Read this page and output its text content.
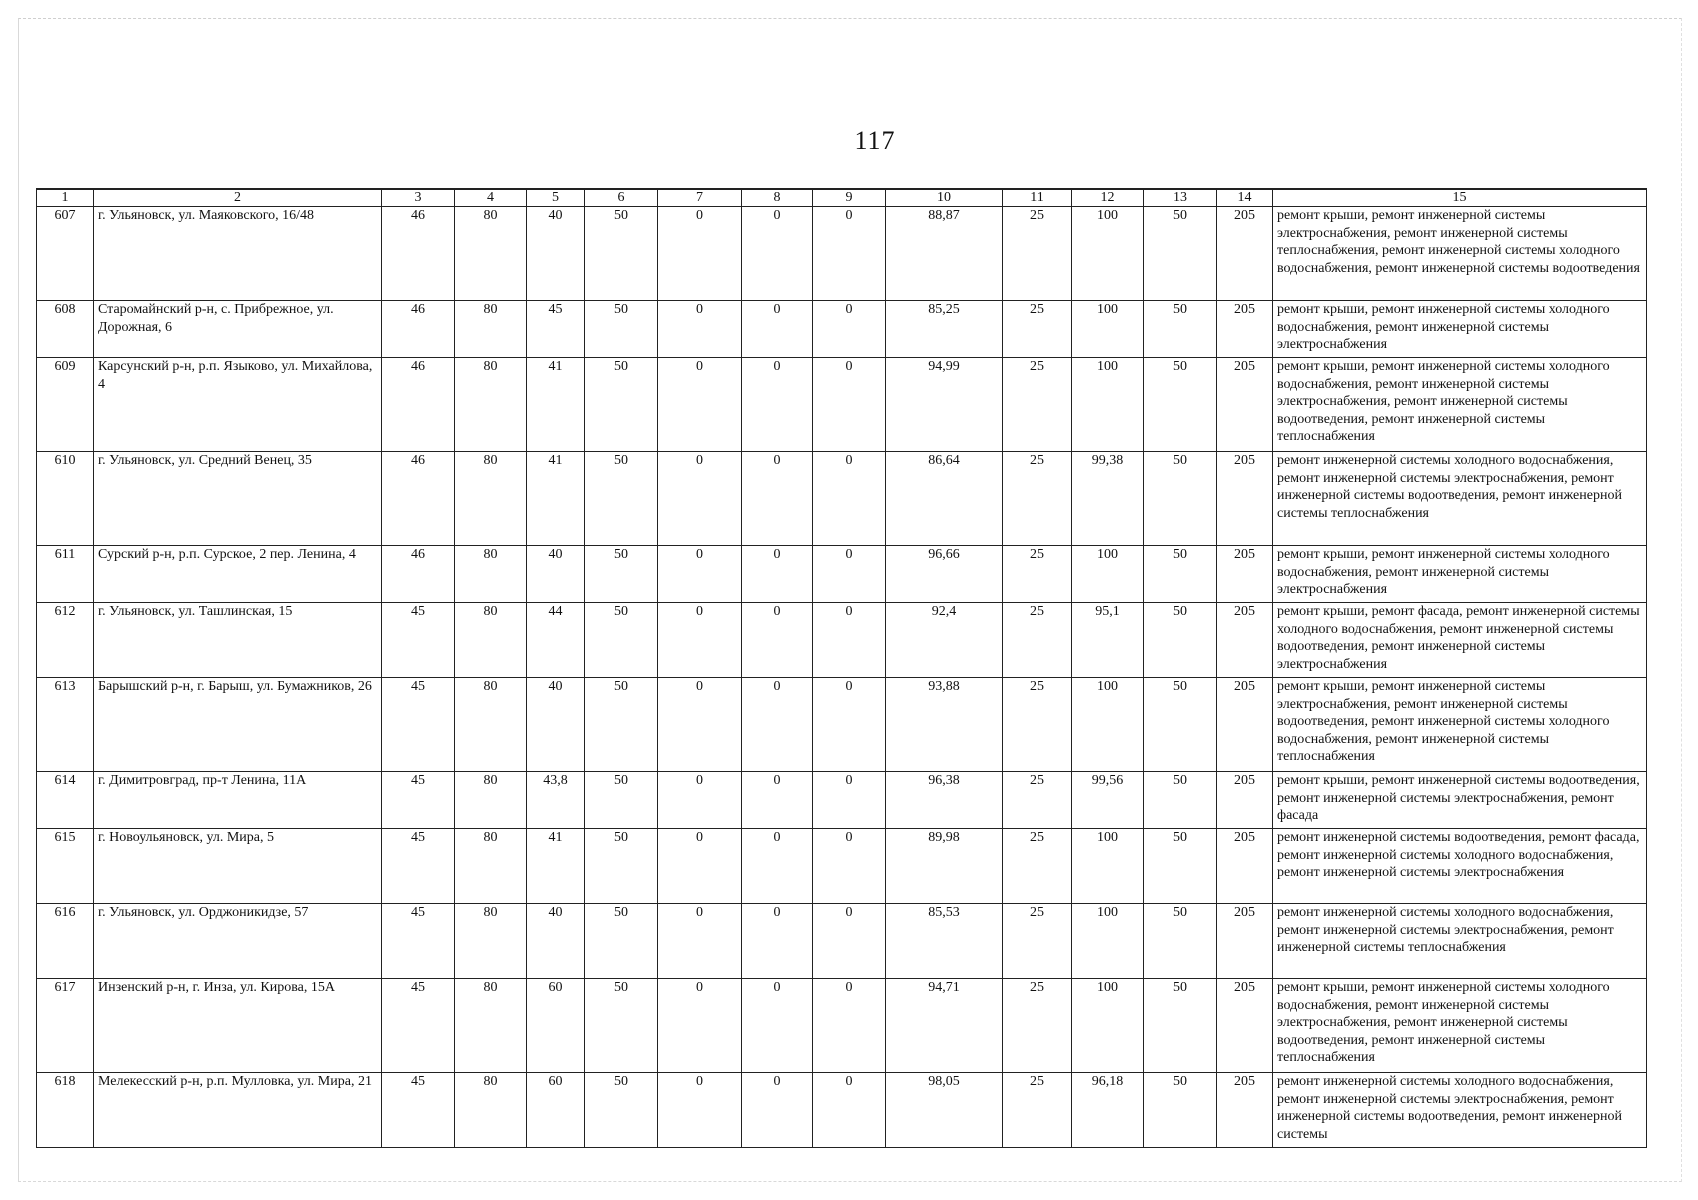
117
1	2	3	4	5	6	7	8	9	10	11	12	13	14	15
607	г. Ульяновск, ул. Маяковского, 16/48	46	80	40	50	0	0	0	88,87	25	100	50	205	ремонт крыши, ремонт инженерной системы электроснабжения, ремонт инженерной системы теплоснабжения, ремонт инженерной системы холодного водоснабжения, ремонт инженерной системы водоотведения
608	Старомайнский р-н, с. Прибрежное, ул. Дорожная, 6	46	80	45	50	0	0	0	85,25	25	100	50	205	ремонт крыши, ремонт инженерной системы холодного водоснабжения, ремонт инженерной системы электроснабжения
609	Карсунский р-н, р.п. Языково, ул. Михайлова, 4	46	80	41	50	0	0	0	94,99	25	100	50	205	ремонт крыши, ремонт инженерной системы холодного водоснабжения, ремонт инженерной системы электроснабжения, ремонт инженерной системы водоотведения, ремонт инженерной системы теплоснабжения
610	г. Ульяновск, ул. Средний Венец, 35	46	80	41	50	0	0	0	86,64	25	99,38	50	205	ремонт инженерной системы холодного водоснабжения, ремонт инженерной системы электроснабжения, ремонт инженерной системы водоотведения, ремонт инженерной системы теплоснабжения
611	Сурский р-н, р.п. Сурское, 2 пер. Ленина, 4	46	80	40	50	0	0	0	96,66	25	100	50	205	ремонт крыши, ремонт инженерной системы холодного водоснабжения, ремонт инженерной системы электроснабжения
612	г. Ульяновск, ул. Ташлинская, 15	45	80	44	50	0	0	0	92,4	25	95,1	50	205	ремонт крыши, ремонт фасада, ремонт инженерной системы холодного водоснабжения, ремонт инженерной системы водоотведения, ремонт инженерной системы электроснабжения
613	Барышский р-н, г. Барыш, ул. Бумажников, 26	45	80	40	50	0	0	0	93,88	25	100	50	205	ремонт крыши, ремонт инженерной системы электроснабжения, ремонт инженерной системы водоотведения, ремонт инженерной системы холодного водоснабжения, ремонт инженерной системы теплоснабжения
614	г. Димитровград, пр-т Ленина, 11А	45	80	43,8	50	0	0	0	96,38	25	99,56	50	205	ремонт крыши, ремонт инженерной системы водоотведения, ремонт инженерной системы электроснабжения, ремонт фасада
615	г. Новоульяновск, ул. Мира, 5	45	80	41	50	0	0	0	89,98	25	100	50	205	ремонт инженерной системы водоотведения, ремонт фасада, ремонт инженерной системы холодного водоснабжения, ремонт инженерной системы электроснабжения
616	г. Ульяновск, ул. Орджоникидзе, 57	45	80	40	50	0	0	0	85,53	25	100	50	205	ремонт инженерной системы холодного водоснабжения, ремонт инженерной системы электроснабжения, ремонт инженерной системы теплоснабжения
617	Инзенский р-н, г. Инза, ул. Кирова, 15А	45	80	60	50	0	0	0	94,71	25	100	50	205	ремонт крыши, ремонт инженерной системы холодного водоснабжения, ремонт инженерной системы электроснабжения, ремонт инженерной системы водоотведения, ремонт инженерной системы теплоснабжения
618	Мелекесский р-н, р.п. Мулловка, ул. Мира, 21	45	80	60	50	0	0	0	98,05	25	96,18	50	205	ремонт инженерной системы холодного водоснабжения, ремонт инженерной системы электроснабжения, ремонт инженерной системы водоотведения, ремонт инженерной системы
